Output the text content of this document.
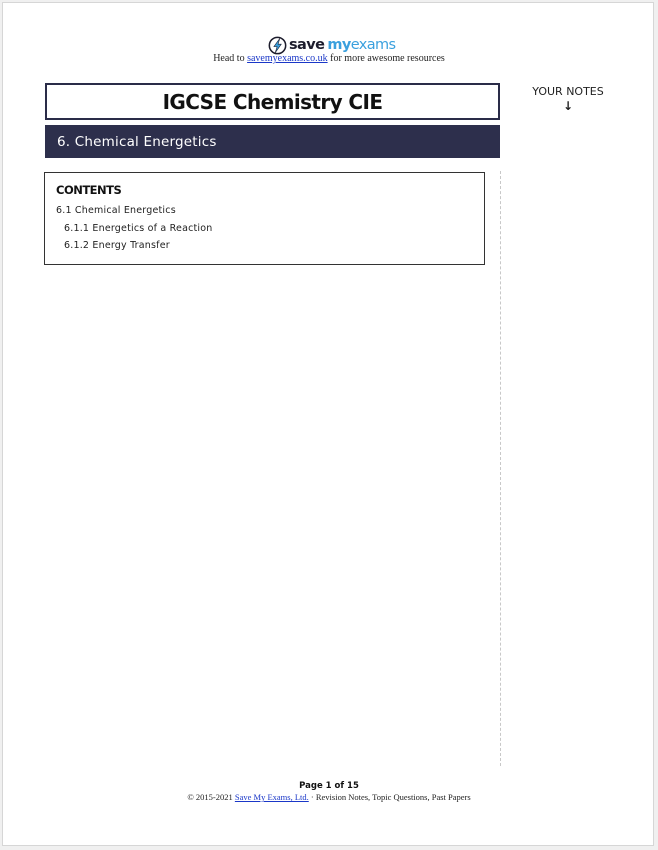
save myexams
Head to savemyexams.co.uk for more awesome resources
IGCSE Chemistry CIE
6. Chemical Energetics
YOUR NOTES
↓
CONTENTS
6.1 Chemical Energetics
6.1.1 Energetics of a Reaction
6.1.2 Energy Transfer
Page 1 of 15
© 2015-2021 Save My Exams, Ltd. · Revision Notes, Topic Questions, Past Papers
